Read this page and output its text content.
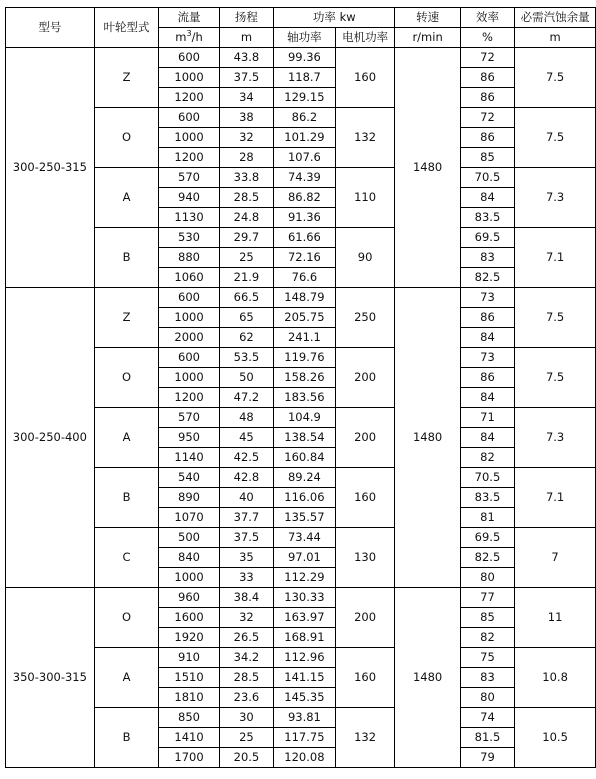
型号	叶轮型式	流量	扬程	功率 kw		转速	效率	必需汽蚀余量
		$m^3/h$	m	轴功率	电机功率	r/min	%	m
300-250-315	Z	600	43.8	99.36	160	1480	72	7.5
		1000	37.5	118.7			86	
		1200	34	129.15			86	
	O	600	38	86.2	132		72	7.5
		1000	32	101.29			86	
		1200	28	107.6			85	
	A	570	33.8	74.39	110		70.5	7.3
		940	28.5	86.82			84	
		1130	24.8	91.36			83.5	
	B	530	29.7	61.66	90		69.5	7.1
		880	25	72.16			83	
		1060	21.9	76.6			82.5	
300-250-400	Z	600	66.5	148.79	250	1480	73	7.5
		1000	65	205.75			86	
		2000	62	241.1			84	
	O	600	53.5	119.76	200		73	7.5
		1000	50	158.26			86	
		1200	47.2	183.56			84	
	A	570	48	104.9	200		71	7.3
		950	45	138.54			84	
		1140	42.5	160.84			82	
	B	540	42.8	89.24	160		70.5	7.1
		890	40	116.06			83.5	
		1070	37.7	135.57			81	
	C	500	37.5	73.44	130		69.5	7
		840	35	97.01			82.5	
		1000	33	112.29			80	
350-300-315	O	960	38.4	130.33	200	1480	77	11
		1600	32	163.97			85	
		1920	26.5	168.91			82	
	A	910	34.2	112.96	160		75	10.8
		1510	28.5	141.15			83	
		1810	23.6	145.35			80	
	B	850	30	93.81	132		74	10.5
		1410	25	117.75			81.5	
		1700	20.5	120.08			79	
